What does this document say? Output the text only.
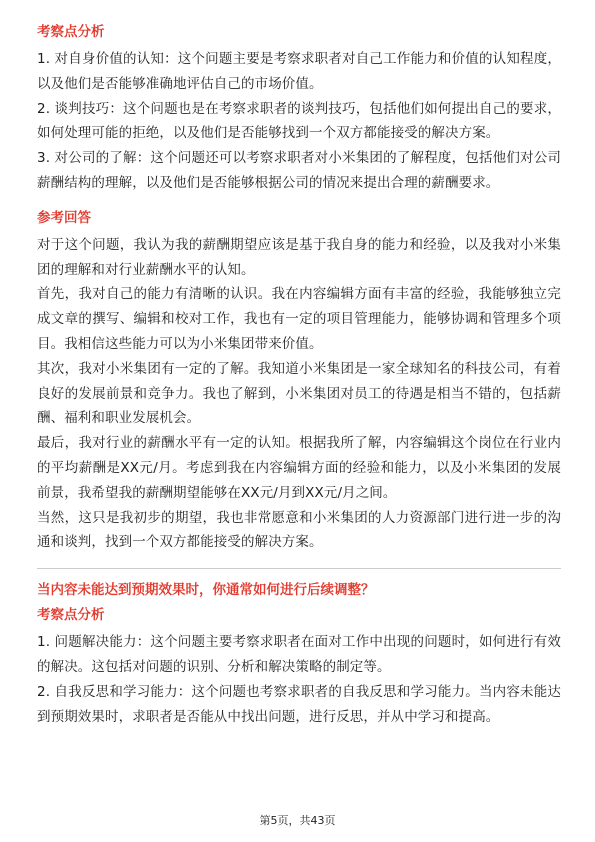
考察点分析
1. 对自身价值的认知：这个问题主要是考察求职者对自己工作能力和价值的认知程度，以及他们是否能够准确地评估自己的市场价值。
2. 谈判技巧：这个问题也是在考察求职者的谈判技巧，包括他们如何提出自己的要求，如何处理可能的拒绝，以及他们是否能够找到一个双方都能接受的解决方案。
3. 对公司的了解：这个问题还可以考察求职者对小米集团的了解程度，包括他们对公司薪酬结构的理解，以及他们是否能够根据公司的情况来提出合理的薪酬要求。
参考回答
对于这个问题，我认为我的薪酬期望应该是基于我自身的能力和经验，以及我对小米集团的理解和对行业薪酬水平的认知。
首先，我对自己的能力有清晰的认识。我在内容编辑方面有丰富的经验，我能够独立完成文章的撰写、编辑和校对工作，我也有一定的项目管理能力，能够协调和管理多个项目。我相信这些能力可以为小米集团带来价值。
其次，我对小米集团有一定的了解。我知道小米集团是一家全球知名的科技公司，有着良好的发展前景和竞争力。我也了解到，小米集团对员工的待遇是相当不错的，包括薪酬、福利和职业发展机会。
最后，我对行业的薪酬水平有一定的认知。根据我所了解，内容编辑这个岗位在行业内的平均薪酬是XX元/月。考虑到我在内容编辑方面的经验和能力，以及小米集团的发展前景，我希望我的薪酬期望能够在XX元/月到XX元/月之间。
当然，这只是我初步的期望，我也非常愿意和小米集团的人力资源部门进行进一步的沟通和谈判，找到一个双方都能接受的解决方案。
当内容未能达到预期效果时，你通常如何进行后续调整？
考察点分析
1. 问题解决能力：这个问题主要考察求职者在面对工作中出现的问题时，如何进行有效的解决。这包括对问题的识别、分析和解决策略的制定等。
2. 自我反思和学习能力：这个问题也考察求职者的自我反思和学习能力。当内容未能达到预期效果时，求职者是否能从中找出问题，进行反思，并从中学习和提高。
第5页，共43页
